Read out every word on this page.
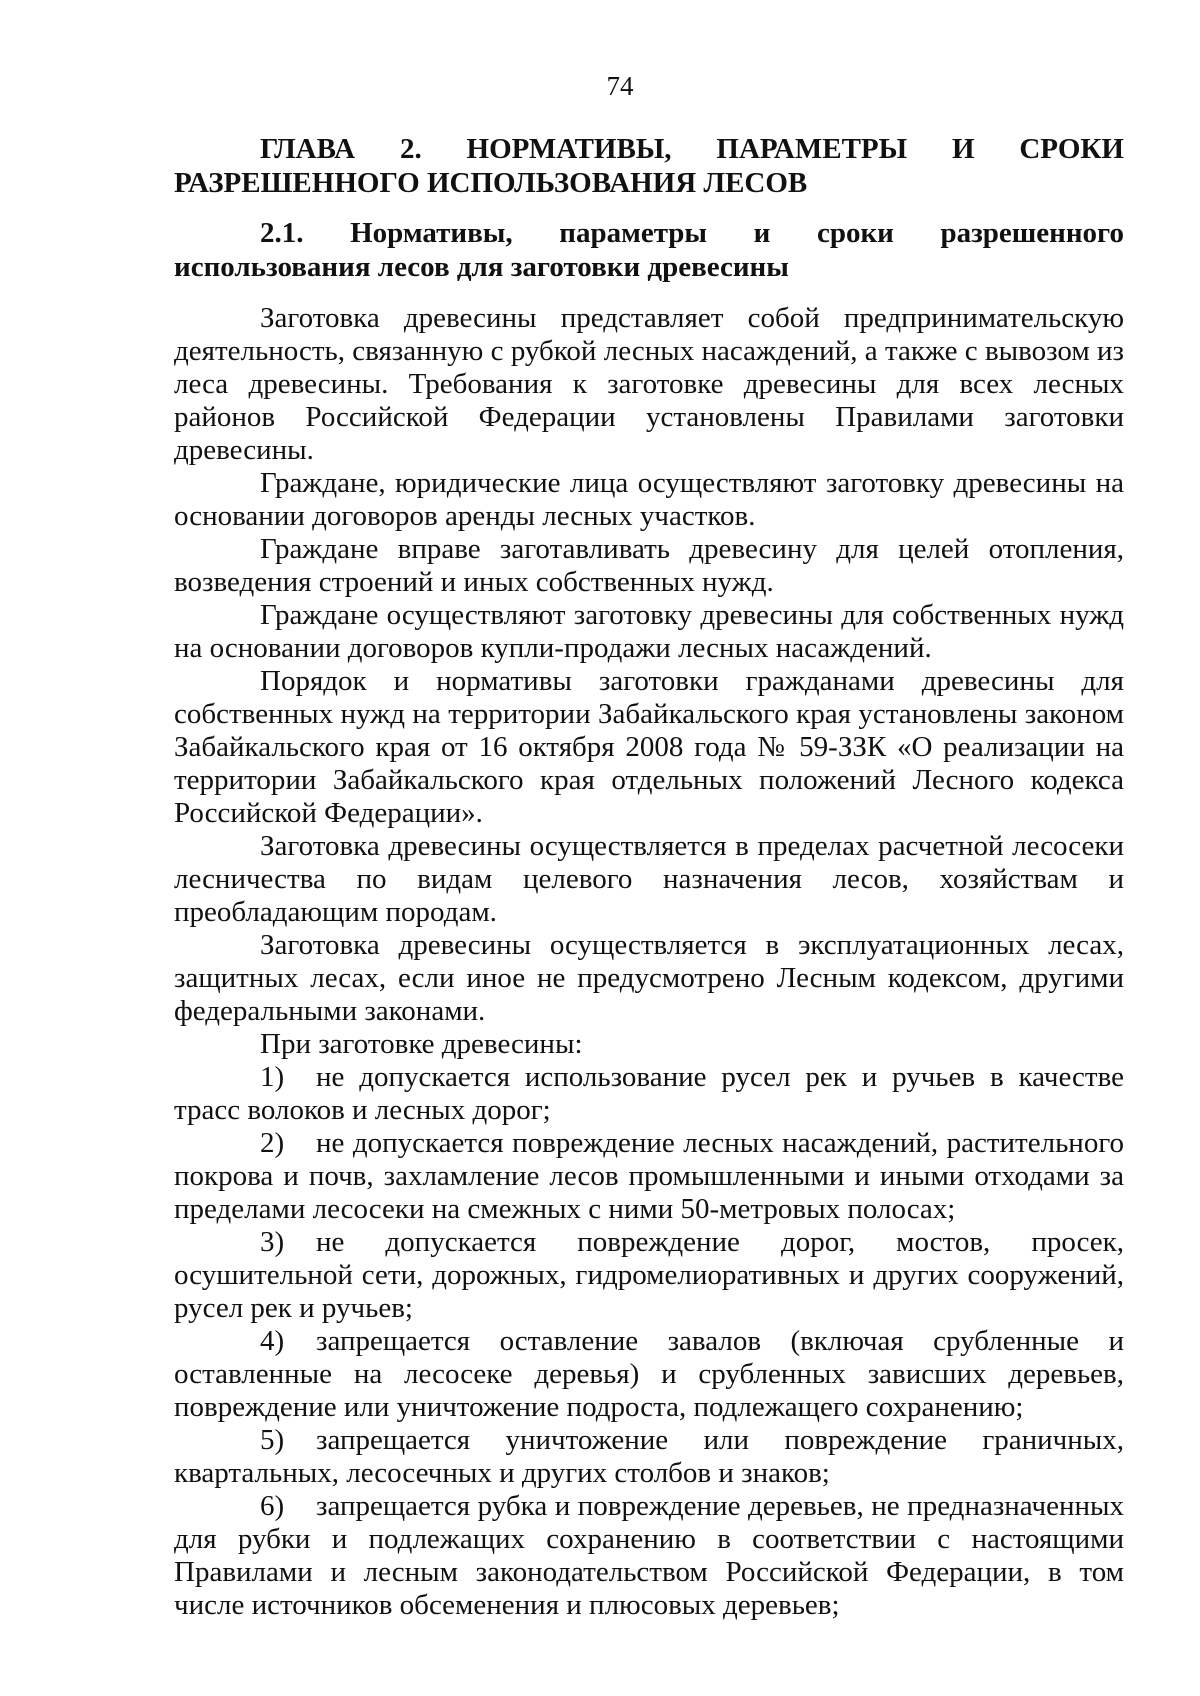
74
ГЛАВА 2. НОРМАТИВЫ, ПАРАМЕТРЫ И СРОКИ
РАЗРЕШЕННОГО ИСПОЛЬЗОВАНИЯ ЛЕСОВ
2.1. Нормативы, параметры и сроки разрешенного использования лесов для заготовки древесины

Заготовка древесины представляет собой предпринимательскую деятельность, связанную с рубкой лесных насаждений, а также с вывозом из леса древесины. Требования к заготовке древесины для всех лесных районов Российской Федерации установлены Правилами заготовки древесины.

Граждане, юридические лица осуществляют заготовку древесины на основании договоров аренды лесных участков.

Граждане вправе заготавливать древесину для целей отопления, возведения строений и иных собственных нужд.

Граждане осуществляют заготовку древесины для собственных нужд на основании договоров купли-продажи лесных насаждений.

Порядок и нормативы заготовки гражданами древесины для собственных нужд на территории Забайкальского края установлены законом Забайкальского края от 16 октября 2008 года № 59-ЗЗК «О реализации на территории Забайкальского края отдельных положений Лесного кодекса Российской Федерации».

Заготовка древесины осуществляется в пределах расчетной лесосеки лесничества по видам целевого назначения лесов, хозяйствам и преобладающим породам.

Заготовка древесины осуществляется в эксплуатационных лесах, защитных лесах, если иное не предусмотрено Лесным кодексом, другими федеральными законами.

При заготовке древесины:

1) не допускается использование русел рек и ручьев в качестве трасс волоков и лесных дорог;

2) не допускается повреждение лесных насаждений, растительного покрова и почв, захламление лесов промышленными и иными отходами за пределами лесосеки на смежных с ними 50-метровых полосах;

3) не допускается повреждение дорог, мостов, просек, осушительной сети, дорожных, гидромелиоративных и других сооружений, русел рек и ручьев;

4) запрещается оставление завалов (включая срубленные и оставленные на лесосеке деревья) и срубленных зависших деревьев, повреждение или уничтожение подроста, подлежащего сохранению;

5) запрещается уничтожение или повреждение граничных, квартальных, лесосечных и других столбов и знаков;

6) запрещается рубка и повреждение деревьев, не предназначенных для рубки и подлежащих сохранению в соответствии с настоящими Правилами и лесным законодательством Российской Федерации, в том числе источников обсеменения и плюсовых деревьев;
